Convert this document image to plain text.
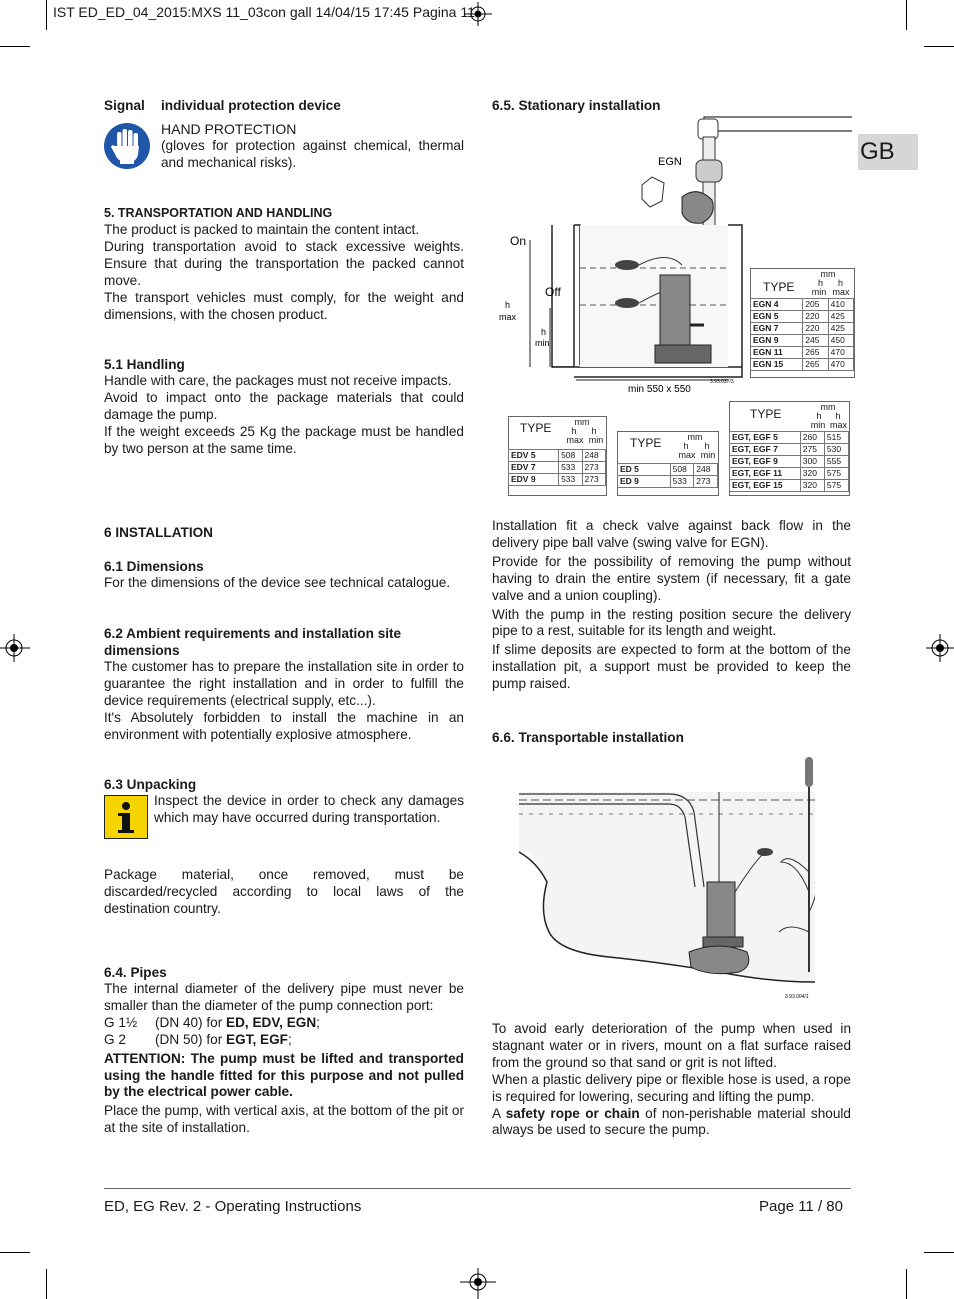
IST ED_ED_04_2015:MXS 11_03con gall 14/04/15 17:45 Pagina 11
Signal individual protection device
HAND PROTECTION
(gloves for protection against chemical, thermal and mechanical risks).
5. TRANSPORTATION AND HANDLING

The product is packed to maintain the content intact.

During transportation avoid to stack excessive weights. Ensure that during the transportation the packed cannot move.

The transport vehicles must comply, for the weight and dimensions, with the chosen product.

5.1 Handling

Handle with care, the packages must not receive impacts.

Avoid to impact onto the package materials that could damage the pump.

If the weight exceeds 25 Kg the package must be handled by two person at the same time.

6 INSTALLATION
6.1 Dimensions

For the dimensions of the device see technical catalogue.

6.2 Ambient requirements and installation site dimensions

The customer has to prepare the installation site in order to guarantee the right installation and in order to fulfill the device requirements (electrical supply, etc...).

It's Absolutely forbidden to install the machine in an environment with potentially explosive atmosphere.

6.3 Unpacking

Inspect the device in order to check any damages which may have occurred during transportation.

Package material, once removed, must be discarded/recycled according to local laws of the destination country.

6.4. Pipes

The internal diameter of the delivery pipe must never be smaller than the diameter of the pump connection port:

G 1½ (DN 40) for ED, EDV, EGN;
G 2 (DN 50) for EGT, EGF;

ATTENTION: The pump must be lifted and transported using the handle fitted for this purpose and not pulled by the electrical power cable.

Place the pump, with vertical axis, at the bottom of the pit or at the site of installation.

6.5. Stationary installation
GB
EGN
On
Off
h
max
h
min
min 550 x 550
3.93.037/3
TYPE
mm
h	h
min max
EGN 4	205	410
EGN 5	220	425
EGN 7	220	425
EGN 9	245	450
EGN 11	265	470
EGN 15	265	470
TYPE	mm
h	h
max min
EDV 5	508	248
EDV 7	533	273
EDV 9	533	273
TYPE	mm
h	h
max min
ED 5	508	248
ED 9	533	273
TYPE	mm
h	h
min max
EGT, EGF 5	260	515
EGT, EGF 7	275	530
EGT, EGF 9	300	555
EGT, EGF 11	320	575
EGT, EGF 15	320	575

Installation fit a check valve against back flow in the delivery pipe ball valve (swing valve for EGN).

Provide for the possibility of removing the pump without having to drain the entire system (if necessary, fit a gate valve and a union coupling).

With the pump in the resting position secure the delivery pipe to a rest, suitable for its length and weight.

If slime deposits are expected to form at the bottom of the installation pit, a support must be provided to keep the pump raised.

6.6. Transportable installation
3.93.004/1

To avoid early deterioration of the pump when used in stagnant water or in rivers, mount on a flat surface raised from the ground so that sand or grit is not lifted.

When a plastic delivery pipe or flexible hose is used, a rope is required for lowering, securing and lifting the pump.

A safety rope or chain of non-perishable material should always be used to secure the pump.

ED, EG Rev. 2 - Operating Instructions	Page 11 / 80
